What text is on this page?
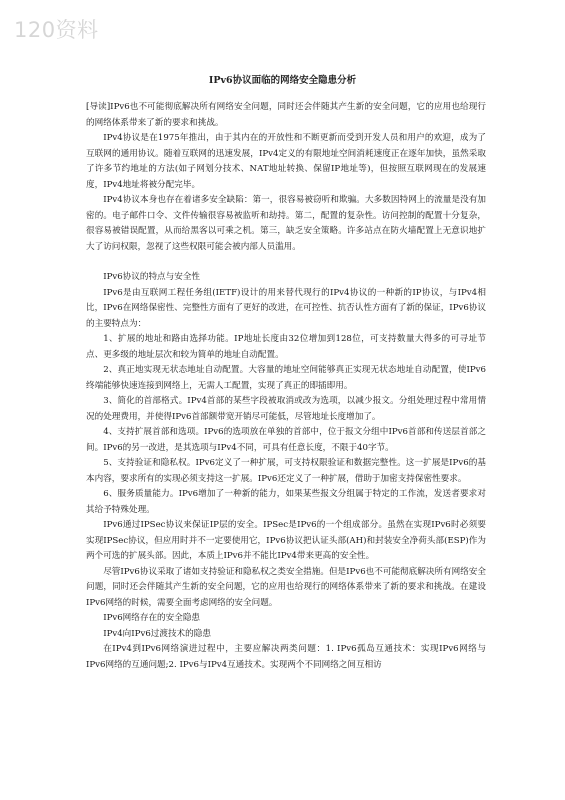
120资料
IPv6协议面临的网络安全隐患分析

[导读]IPv6也不可能彻底解决所有网络安全问题，同时还会伴随其产生新的安全问题，它的应用也给现行的网络体系带来了新的要求和挑战。

IPv4协议是在1975年推出，由于其内在的开放性和不断更新而受到开发人员和用户的欢迎，成为了互联网的通用协议。随着互联网的迅速发展，IPv4定义的有限地址空间消耗速度正在逐年加快，虽然采取了许多节约地址的方法(如子网划分技术、NAT地址转换、保留IP地址等)，但按照互联网现在的发展速度，IPv4地址将被分配完毕。

IPv4协议本身也存在着诸多安全缺陷：第一，很容易被窃听和欺骗。大多数因特网上的流量是没有加密的。电子邮件口令、文件传输很容易被监听和劫持。第二，配置的复杂性。访问控制的配置十分复杂，很容易被错误配置，从而给黑客以可乘之机。第三，缺乏安全策略。许多站点在防火墙配置上无意识地扩大了访问权限，忽视了这些权限可能会被内部人员滥用。

IPv6协议的特点与安全性

IPv6是由互联网工程任务组(IETF)设计的用来替代现行的IPv4协议的一种新的IP协议，与IPv4相比，IPv6在网络保密性、完整性方面有了更好的改进，在可控性、抗否认性方面有了新的保证，IPv6协议的主要特点为：

1、扩展的地址和路由选择功能。IP地址长度由32位增加到128位，可支持数量大得多的可寻址节点、更多级的地址层次和较为简单的地址自动配置。

2、真正地实现无状态地址自动配置。大容量的地址空间能够真正实现无状态地址自动配置，使IPv6终端能够快速连接到网络上，无需人工配置，实现了真正的即插即用。

3、简化的首部格式。IPv4首部的某些字段被取消或改为选项，以减少报文。分组处理过程中常用情况的处理费用，并使得IPv6首部额带宽开销尽可能低，尽管地址长度增加了。

4、支持扩展首部和选项。IPv6的选项放在单独的首部中，位于报文分组中IPv6首部和传送层首部之间。IPv6的另一改进，是其选项与IPv4不同，可具有任意长度，不限于40字节。

5、支持验证和隐私权。IPv6定义了一种扩展，可支持权限验证和数据完整性。这一扩展是IPv6的基本内容，要求所有的实现必须支持这一扩展。IPv6还定义了一种扩展，借助于加密支持保密性要求。

6、服务质量能力。IPv6增加了一种新的能力，如果某些报文分组属于特定的工作流，发送者要求对其给予特殊处理。

IPv6通过IPSec协议来保证IP层的安全。IPSec是IPv6的一个组成部分。虽然在实现IPv6时必须要实现IPSec协议，但应用时并不一定要使用它，IPv6协议把认证头部(AH)和封装安全净荷头部(ESP)作为两个可选的扩展头部。因此，本质上IPv6并不能比IPv4带来更高的安全性。

尽管IPv6协议采取了诸如支持验证和隐私权之类安全措施。但是IPv6也不可能彻底解决所有网络安全问题，同时还会伴随其产生新的安全问题，它的应用也给现行的网络体系带来了新的要求和挑战。在建设IPv6网络的时候，需要全面考虑网络的安全问题。

IPv6网络存在的安全隐患

IPv4向IPv6过渡技术的隐患

在IPv4到IPv6网络演进过程中，主要应解决两类问题：1. IPv6孤岛互通技术：实现IPv6网络与IPv6网络的互通问题;2. IPv6与IPv4互通技术。实现两个不同网络之间互相访
